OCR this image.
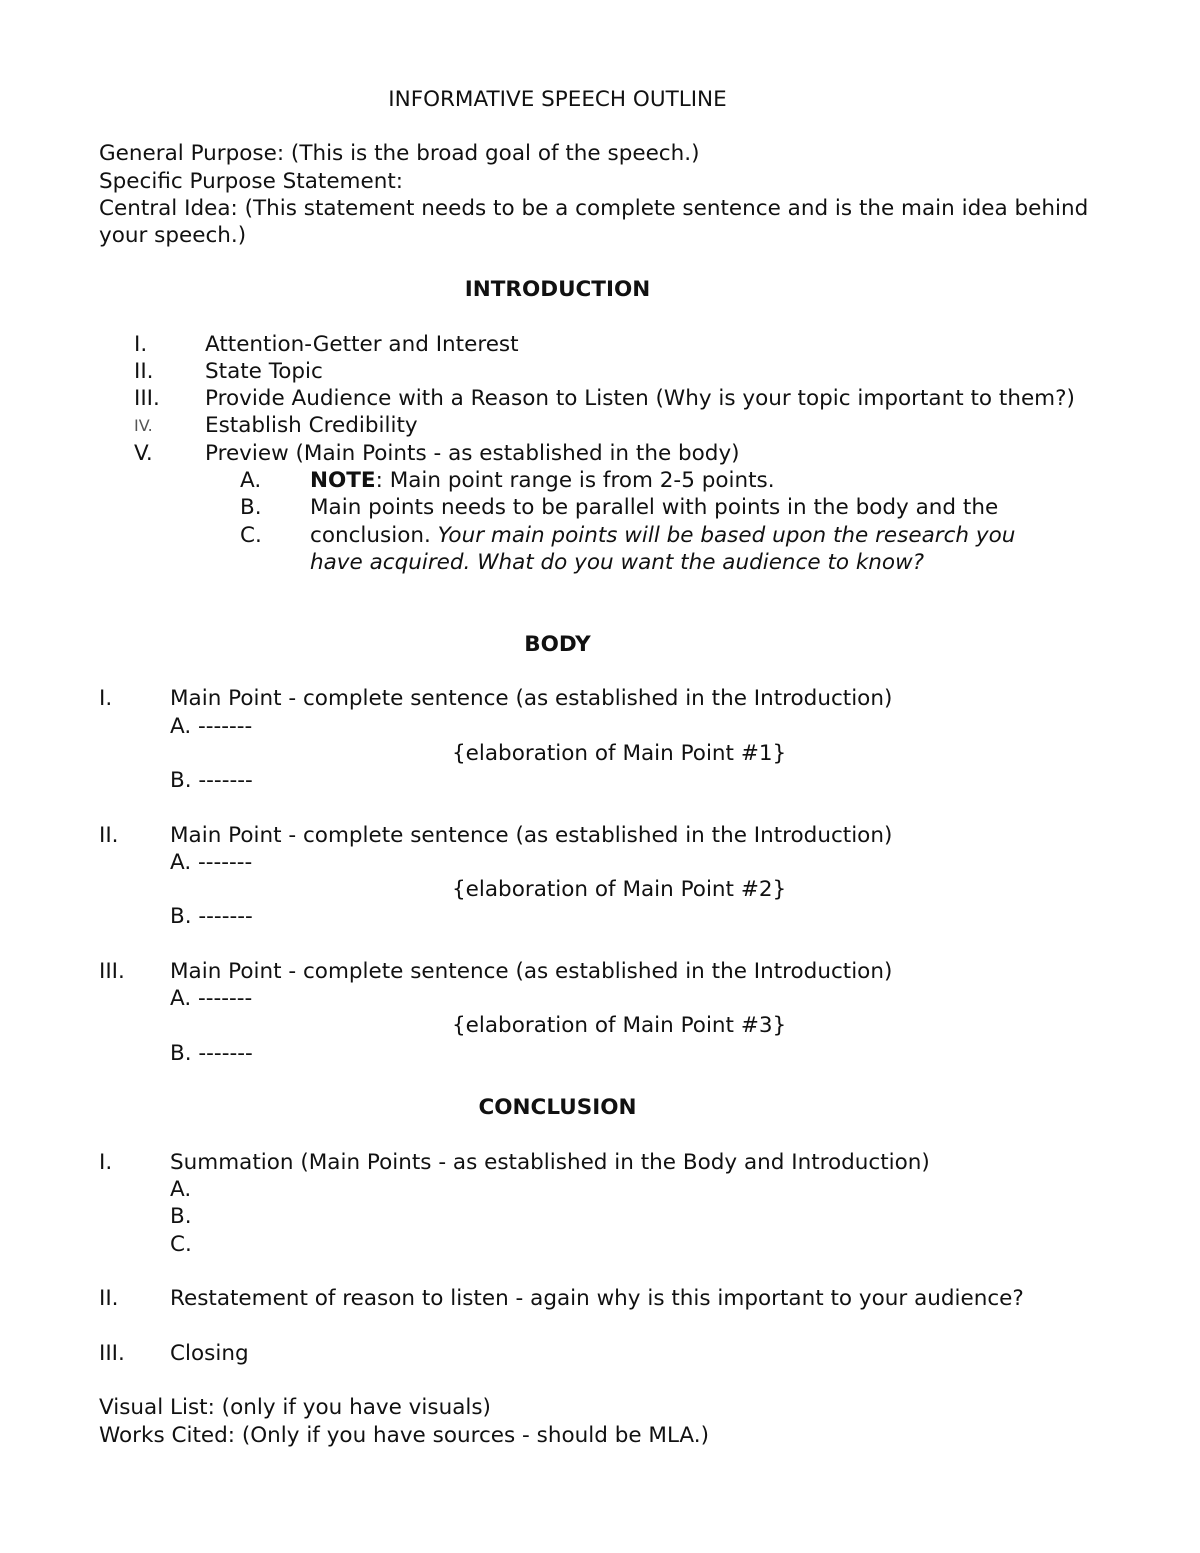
INFORMATIVE SPEECH OUTLINE
General Purpose: (This is the broad goal of the speech.)
Specific Purpose Statement:
Central Idea: (This statement needs to be a complete sentence and is the main idea behind
your speech.)
INTRODUCTION
I.	Attention-Getter and Interest
II. State Topic
III. Provide Audience with a Reason to Listen (Why is your topic important to them?)
IV. Establish Credibility
V. Preview (Main Points - as established in the body)
A. NOTE: Main point range is from 2-5 points.
B. Main points needs to be parallel with points in the body and the
C. conclusion. Your main points will be based upon the research you
have acquired. What do you want the audience to know?
BODY
I.	Main Point - complete sentence (as established in the Introduction)
A. -------
{elaboration of Main Point #1}
B. -------
II. Main Point - complete sentence (as established in the Introduction)
A. -------
{elaboration of Main Point #2}
B. -------
III. Main Point - complete sentence (as established in the Introduction)
A. -------
{elaboration of Main Point #3}
B. -------
CONCLUSION
I.	Summation (Main Points - as established in the Body and Introduction)
A.
B.
C.
II. Restatement of reason to listen - again why is this important to your audience?
III. Closing
Visual List: (only if you have visuals)
Works Cited: (Only if you have sources - should be MLA.)
